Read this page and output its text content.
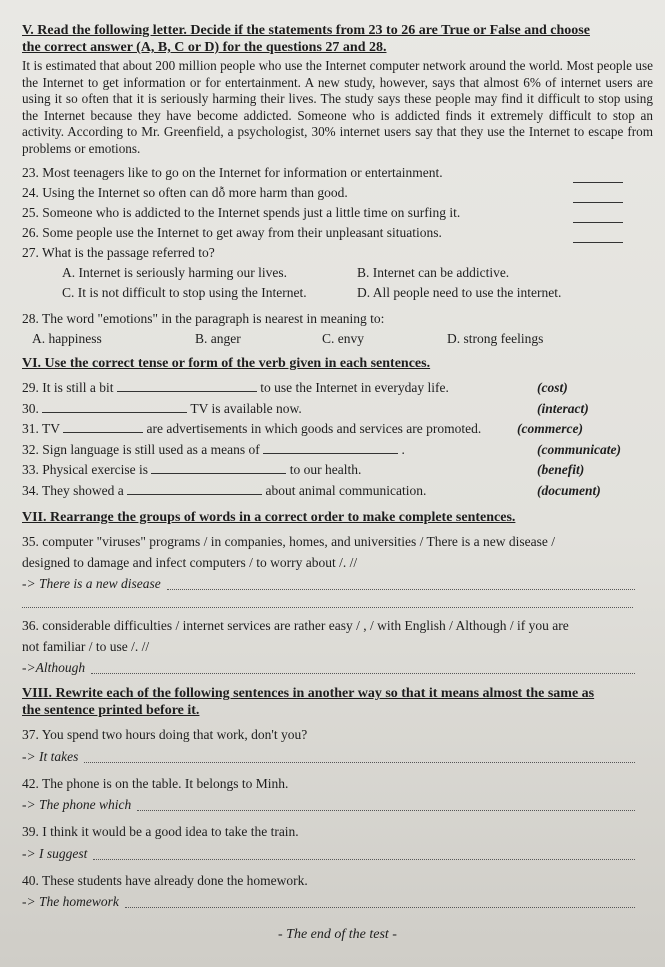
V. Read the following letter. Decide if the statements from 23 to 26 are True or False and choose
the correct answer (A, B, C or D) for the questions 27 and 28.

It is estimated that about 200 million people who use the Internet computer network around the world. Most people use the Internet to get information or for entertainment. A new study, however, says that almost 6% of internet users are using it so often that it is seriously harming their lives. The study says these people may find it difficult to stop using the Internet because they have become addicted. Someone who is addicted finds it extremely difficult to stop an activity. According to Mr. Greenfield, a psychologist, 30% internet users say that they use the Internet to escape from problems or emotions.

23. Most teenagers like to go on the Internet for information or entertainment.
24. Using the Internet so often can dỗ more harm than good.
25. Someone who is addicted to the Internet spends just a little time on surfing it.
26. Some people use the Internet to get away from their unpleasant situations.
27. What is the passage referred to?
A. Internet is seriously harming our lives.	B. Internet can be addictive.
C. It is not difficult to stop using the Internet.	D. All people need to use the internet.
28. The word "emotions" in the paragraph is nearest in meaning to:
A. happiness	B. anger	C. envy	D. strong feelings

VI. Use the correct tense or form of the verb given in each sentences.

29. It is still a bit	to use the Internet in everyday life.	(cost)
30.	TV is available now.	(interact)
31. TV	are advertisements in which goods and services are promoted.	(commerce)
32. Sign language is still used as a means of	.	(communicate)
33. Physical exercise is	to our health.	(benefit)
34. They showed a	about animal communication.	(document)

VII. Rearrange the groups of words in a correct order to make complete sentences.

35. computer "viruses" programs / in companies, homes, and universities / There is a new disease /

designed to damage and infect computers / to worry about /. //

-> There is a new disease

36. considerable difficulties / internet services are rather easy / , / with English / Although / if you are

not familiar / to use /. //

->Although

VIII. Rewrite each of the following sentences in another way so that it means almost the same as
the sentence printed before it.

37. You spend two hours doing that work, don't you?

-> It takes

42. The phone is on the table. It belongs to Minh.

-> The phone which

39. I think it would be a good idea to take the train.

-> I suggest

40. These students have already done the homework.

-> The homework

- The end of the test -
